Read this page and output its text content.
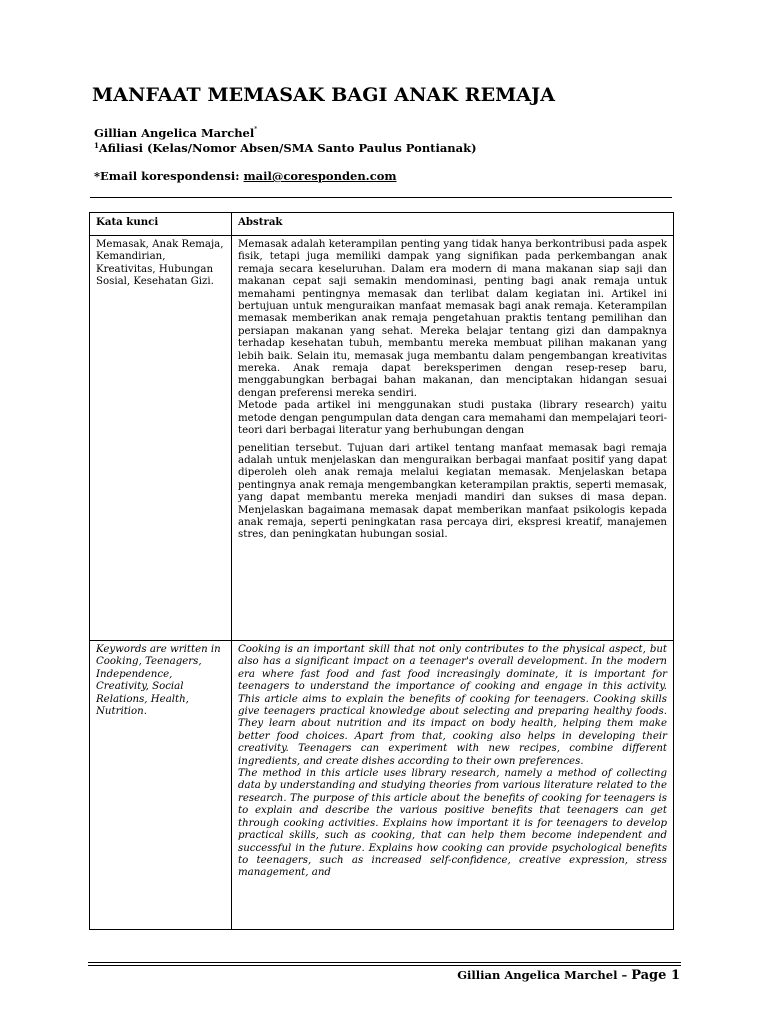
MANFAAT MEMASAK BAGI ANAK REMAJA
Gillian Angelica Marchel*
$^1$Afiliasi (Kelas/Nomor Absen/SMA Santo Paulus Pontianak)
*Email korespondensi: mail@coresponden.com
Kata kunci	Abstrak
Memasak, Anak Remaja, Kemandirian, Kreativitas, Hubungan Sosial, Kesehatan Gizi.	Memasak adalah keterampilan penting yang tidak hanya berkontribusi pada aspek fisik, tetapi juga memiliki dampak yang signifikan pada perkembangan anak remaja secara keseluruhan. Dalam era modern di mana makanan siap saji dan makanan cepat saji semakin mendominasi, penting bagi anak remaja untuk memahami pentingnya memasak dan terlibat dalam kegiatan ini. Artikel ini bertujuan untuk menguraikan manfaat memasak bagi anak remaja. Keterampilan memasak memberikan anak remaja pengetahuan praktis tentang pemilihan dan persiapan makanan yang sehat. Mereka belajar tentang gizi dan dampaknya terhadap kesehatan tubuh, membantu mereka membuat pilihan makanan yang lebih baik. Selain itu, memasak juga membantu dalam pengembangan kreativitas mereka. Anak remaja dapat bereksperimen dengan resep-resep baru, menggabungkan berbagai bahan makanan, dan menciptakan hidangan sesuai dengan preferensi mereka sendiri.

Metode pada artikel ini menggunakan studi pustaka (library research) yaitu metode dengan pengumpulan data dengan cara memahami dan mempelajari teori-teori dari berbagai literatur yang berhubungan dengan

penelitian tersebut. Tujuan dari artikel tentang manfaat memasak bagi remaja adalah untuk menjelaskan dan menguraikan berbagai manfaat positif yang dapat diperoleh oleh anak remaja melalui kegiatan memasak. Menjelaskan betapa pentingnya anak remaja mengembangkan keterampilan praktis, seperti memasak, yang dapat membantu mereka menjadi mandiri dan sukses di masa depan. Menjelaskan bagaimana memasak dapat memberikan manfaat psikologis kepada anak remaja, seperti peningkatan rasa percaya diri, ekspresi kreatif, manajemen stres, dan peningkatan hubungan sosial.

Keywords are written in Cooking, Teenagers, Independence, Creativity, Social Relations, Health, Nutrition.	Cooking is an important skill that not only contributes to the physical aspect, but also has a significant impact on a teenager's overall development. In the modern era where fast food and fast food increasingly dominate, it is important for teenagers to understand the importance of cooking and engage in this activity. This article aims to explain the benefits of cooking for teenagers. Cooking skills give teenagers practical knowledge about selecting and preparing healthy foods. They learn about nutrition and its impact on body health, helping them make better food choices. Apart from that, cooking also helps in developing their creativity. Teenagers can experiment with new recipes, combine different ingredients, and create dishes according to their own preferences.

The method in this article uses library research, namely a method of collecting data by understanding and studying theories from various literature related to the research. The purpose of this article about the benefits of cooking for teenagers is to explain and describe the various positive benefits that teenagers can get through cooking activities. Explains how important it is for teenagers to develop practical skills, such as cooking, that can help them become independent and successful in the future. Explains how cooking can provide psychological benefits to teenagers, such as increased self-confidence, creative expression, stress management, and

Gillian Angelica Marchel – Page 1
